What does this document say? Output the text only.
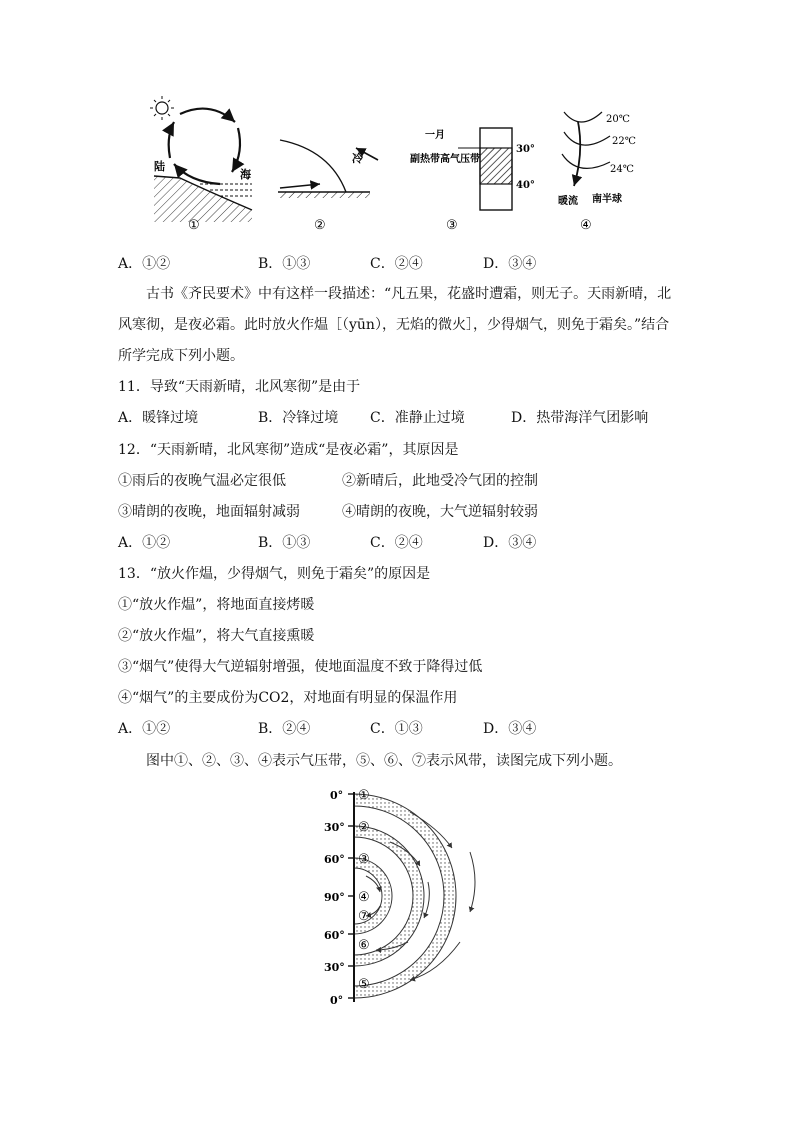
陆
海
①
冷
②
一月
副热带高气压带
30°
40°
③
20℃
22℃
24℃
暖流 南半球
④
A．①②	B．①③	C．②④	D．③④
古书《齐民要术》中有这样一段描述：“凡五果，花盛时遭霜，则无子。天雨新晴，北
风寒彻，是夜必霜。此时放火作煴［（yūn），无焰的微火］，少得烟气，则免于霜矣。”结合
所学完成下列小题。
11．导致“天雨新晴，北风寒彻”是由于
A．暖锋过境	B．冷锋过境 C．准静止过境	D．热带海洋气团影响
12．“天雨新晴，北风寒彻”造成“是夜必霜”，其原因是
①雨后的夜晚气温必定很低	②新晴后，此地受冷气团的控制
③晴朗的夜晚，地面辐射减弱	④晴朗的夜晚，大气逆辐射较弱
A．①②	B．①③	C．②④	D．③④
13．“放火作煴，少得烟气，则免于霜矣”的原因是
①“放火作煴”，将地面直接烤暖
②“放火作煴”，将大气直接熏暖
③“烟气”使得大气逆辐射增强，使地面温度不致于降得过低
④“烟气”的主要成份为CO2，对地面有明显的保温作用
A．①②	B．②④	C．①③	D．③④
图中①、②、③、④表示气压带，⑤、⑥、⑦表示风带，读图完成下列小题。
0°
30°
60°
90°
60°
30°
0°
①
②
③
④
⑦
⑥
⑤
